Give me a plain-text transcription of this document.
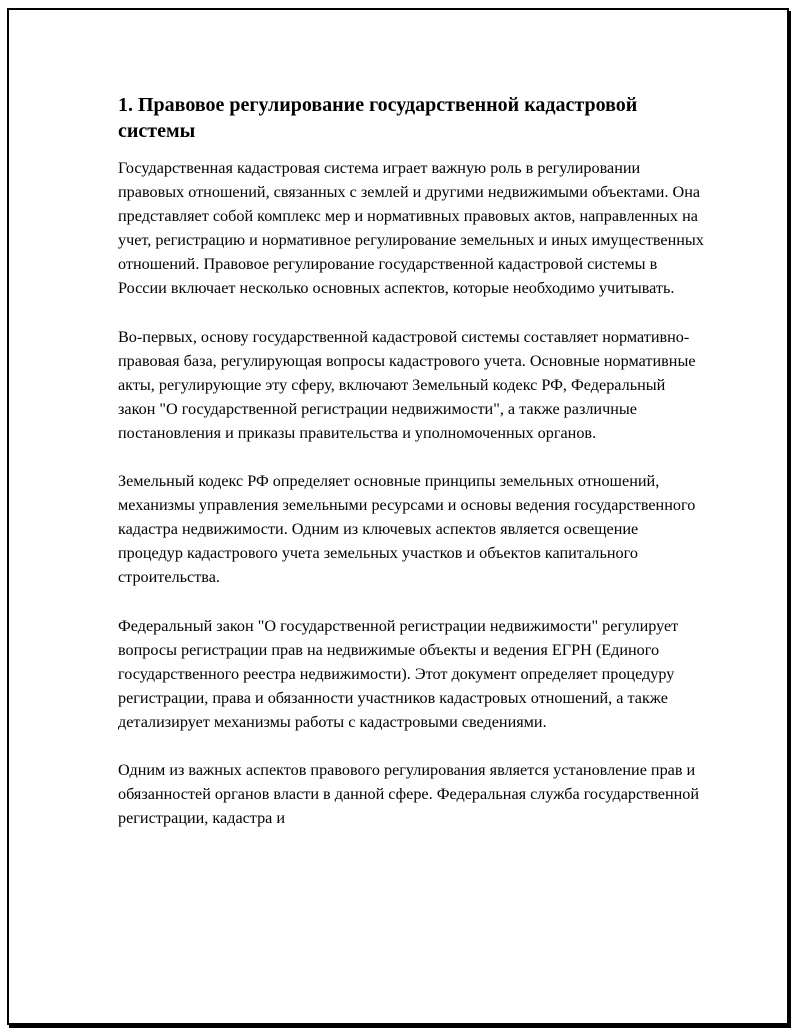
1. Правовое регулирование государственной кадастровой системы

Государственная кадастровая система играет важную роль в регулировании правовых отношений, связанных с землей и другими недвижимыми объектами. Она представляет собой комплекс мер и нормативных правовых актов, направленных на учет, регистрацию и нормативное регулирование земельных и иных имущественных отношений. Правовое регулирование государственной кадастровой системы в России включает несколько основных аспектов, которые необходимо учитывать.

Во-первых, основу государственной кадастровой системы составляет нормативно-правовая база, регулирующая вопросы кадастрового учета. Основные нормативные акты, регулирующие эту сферу, включают Земельный кодекс РФ, Федеральный закон "О государственной регистрации недвижимости", а также различные постановления и приказы правительства и уполномоченных органов.

Земельный кодекс РФ определяет основные принципы земельных отношений, механизмы управления земельными ресурсами и основы ведения государственного кадастра недвижимости. Одним из ключевых аспектов является освещение процедур кадастрового учета земельных участков и объектов капитального строительства.

Федеральный закон "О государственной регистрации недвижимости" регулирует вопросы регистрации прав на недвижимые объекты и ведения ЕГРН (Единого государственного реестра недвижимости). Этот документ определяет процедуру регистрации, права и обязанности участников кадастровых отношений, а также детализирует механизмы работы с кадастровыми сведениями.

Одним из важных аспектов правового регулирования является установление прав и обязанностей органов власти в данной сфере. Федеральная служба государственной регистрации, кадастра и
